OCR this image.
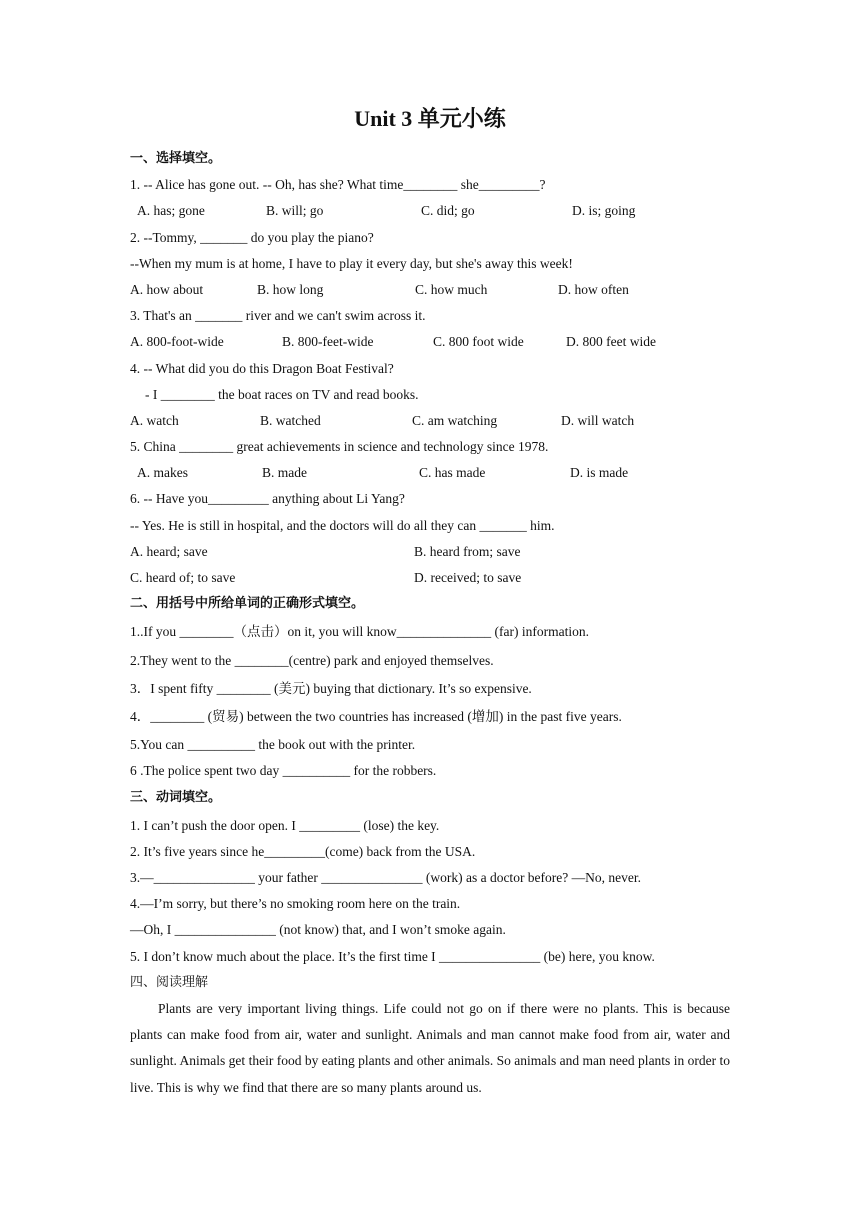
Unit 3 单元小练
一、选择填空。
1. -- Alice has gone out. -- Oh, has she? What time________ she_________?
A. has; gone	B. will; go	C. did; go	D. is; going
2. --Tommy, _______ do you play the piano?
--When my mum is at home, I have to play it every day, but she's away this week!
A. how about	B. how long	C. how much	D. how often
3. That's an _______ river and we can't swim across it.
A. 800-foot-wide	B. 800-feet-wide	C. 800 foot wide	D. 800 feet wide
4. -- What did you do this Dragon Boat Festival?
- I ________ the boat races on TV and read books.
A. watch	B. watched	C. am watching	D. will watch
5. China ________ great achievements in science and technology since 1978.
A. makes	B. made	C. has made	D. is made
6. -- Have you_________ anything about Li Yang?
-- Yes. He is still in hospital, and the doctors will do all they can _______ him.
A. heard; save	B. heard from; save
C. heard of; to save	D. received; to save
二、用括号中所给单词的正确形式填空。
1..If you ________（点击）on it, you will know______________ (far) information.
2.They went to the ________(centre) park and enjoyed themselves.
3．I spent fifty ________ (美元) buying that dictionary. It’s so expensive.
4．________ (贸易) between the two countries has increased (增加) in the past five years.
5.You can __________ the book out with the printer.
6 .The police spent two day __________ for the robbers.
三、动词填空。
1. I can’t push the door open. I _________ (lose) the key.
2. It’s five years since he_________(come) back from the USA.
3.—_______________ your father _______________ (work) as a doctor before? —No, never.
4.—I’m sorry, but there’s no smoking room here on the train.
—Oh, I _______________ (not know) that, and I won’t smoke again.
5. I don’t know much about the place. It’s the first time I _______________ (be) here, you know.
四、阅读理解

Plants are very important living things. Life could not go on if there were no plants. This is because plants can make food from air, water and sunlight. Animals and man cannot make food from air, water and sunlight. Animals get their food by eating plants and other animals. So animals and man need plants in order to live. This is why we find that there are so many plants around us.
